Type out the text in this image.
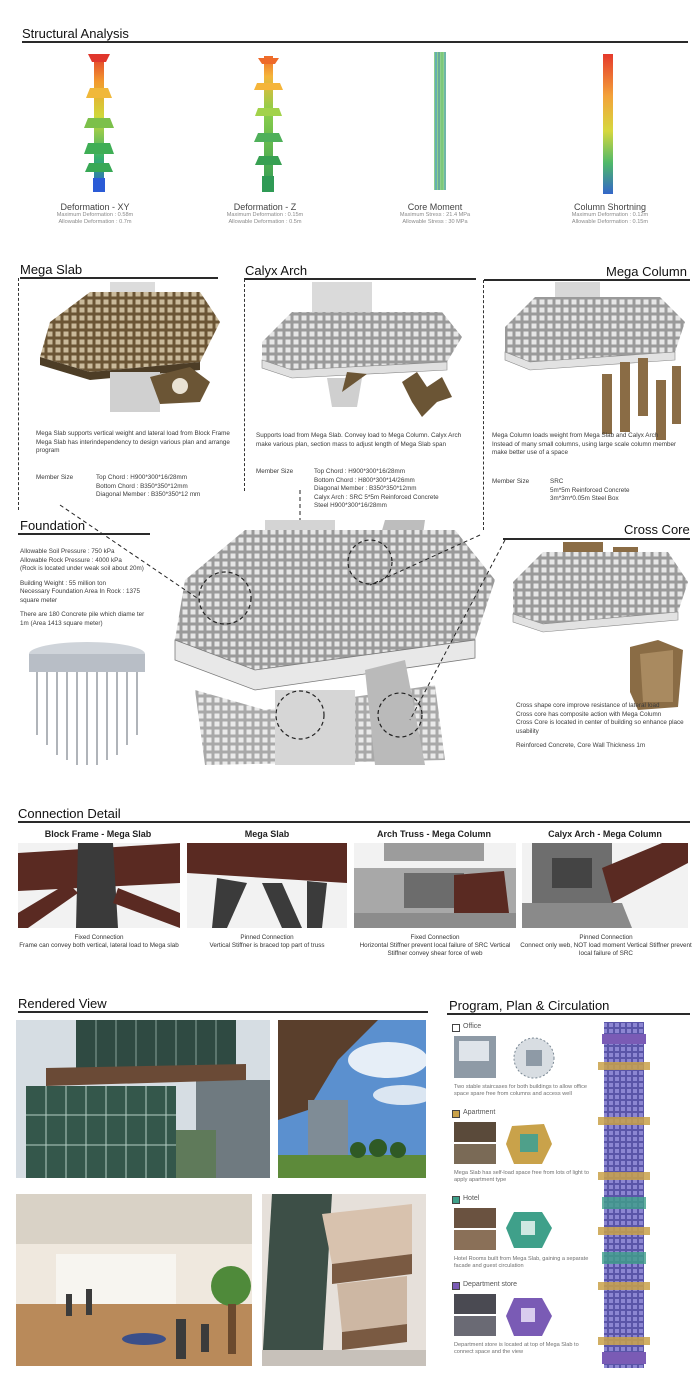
Structural Analysis
Deformation - XY
Maximum Deformation : 0.58m
Allowable Deformation : 0.7m
Deformation - Z
Maximum Deformation : 0.15m
Allowable Deformation : 0.5m
Core Moment
Maximum Stress : 21.4 MPa
Allowable Stress : 30 MPa
Column Shortning
Maximum Deformation : 0.12m
Allowable Deformation : 0.15m
Mega Slab	Calyx Arch	Mega Column
Mega Slab supports vertical weight and lateral load from Block Frame
Mega Slab has interindependency to design various plan and arrange program
Member Size	Top Chord : H900*300*16/28mm
Bottom Chord : B350*350*12mm
Diagonal Member : B350*350*12 mm
Supports load from Mega Slab. Convey load to Mega Column. Calyx Arch make various plan, section mass to adjust length of Mega Slab span
Member Size	Top Chord : H900*300*16/28mm
Bottom Chord : H800*300*14/26mm
Diagonal Member : B350*350*12mm
Calyx Arch : SRC 5*5m Reinforced Concrete
Steel H900*300*16/28mm
Mega Column loads weight from Mega Slab and Calyx Arch
Instead of many small columns, using large scale column member make better use of a space
Member Size	SRC
5m*5m Reinforced Concrete
3m*3m*0.05m Steel Box
Foundation
Allowable Soil Pressure : 750 kPa
Allowable Rock Pressure : 4000 kPa
(Rock is located under weak soil about 20m)
Building Weight : 55 million ton
Necessary Foundation Area In Rock : 1375 square meter
There are 180 Concrete pile which diame ter 1m (Area 1413 square meter)
Cross Core
Cross shape core improve resistance of lateral load
Cross core has composite action with Mega Column
Cross Core is located in center of building so enhance place usability
Reinforced Concrete, Core Wall Thickness 1m
Connection Detail
Block Frame - Mega Slab	Mega Slab	Arch Truss - Mega Column	Calyx Arch - Mega Column
Fixed Connection
Frame can convey both vertical, lateral load to Mega slab
Pinned Connection
Vertical Stiffner is braced top part of truss
Fixed Connection
Horizontal Stiffner prevent local failure of SRC Vertical Stiffner convey shear force of web
Pinned Connection
Connect only web, NOT load moment Vertical Stiffner prevent local failure of SRC
Rendered View	Program, Plan & Circulation
Office
Two stable staircases for both buildings to allow office space spare free from columns and access well
Apartment
Mega Slab has self-load space free from lots of light to apply apartment type
Hotel
Hotel Rooms built from Mega Slab, gaining a separate facade and guest circulation
Department store
Department store is located at top of Mega Slab to connect space and the view
